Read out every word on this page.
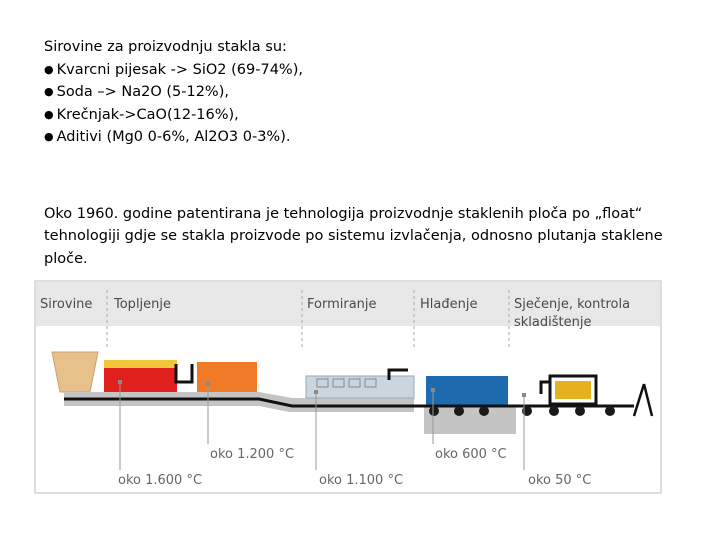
Sirovine za proizvodnju stakla su:

● Kvarcni pijesak -> SiO2 (69-74%),
● Soda –> Na2O (5-12%),
● Krečnjak->CaO(12-16%),
● Aditivi (Mg0 0-6%, Al2O3 0-3%).

Oko 1960. godine patentirana je tehnologija proizvodnje staklenih ploča po „float“ tehnologiji gdje se stakla proizvode po sistemu izvlačenja, odnosno plutanja staklene ploče.

Sirovine Topljenje	Formiranje	Hlađenje	Sječenje, kontrola
skladištenje
oko 1.600 °C
oko 1.200 °C
oko 1.100 °C
oko 600 °C
oko 50 °C
